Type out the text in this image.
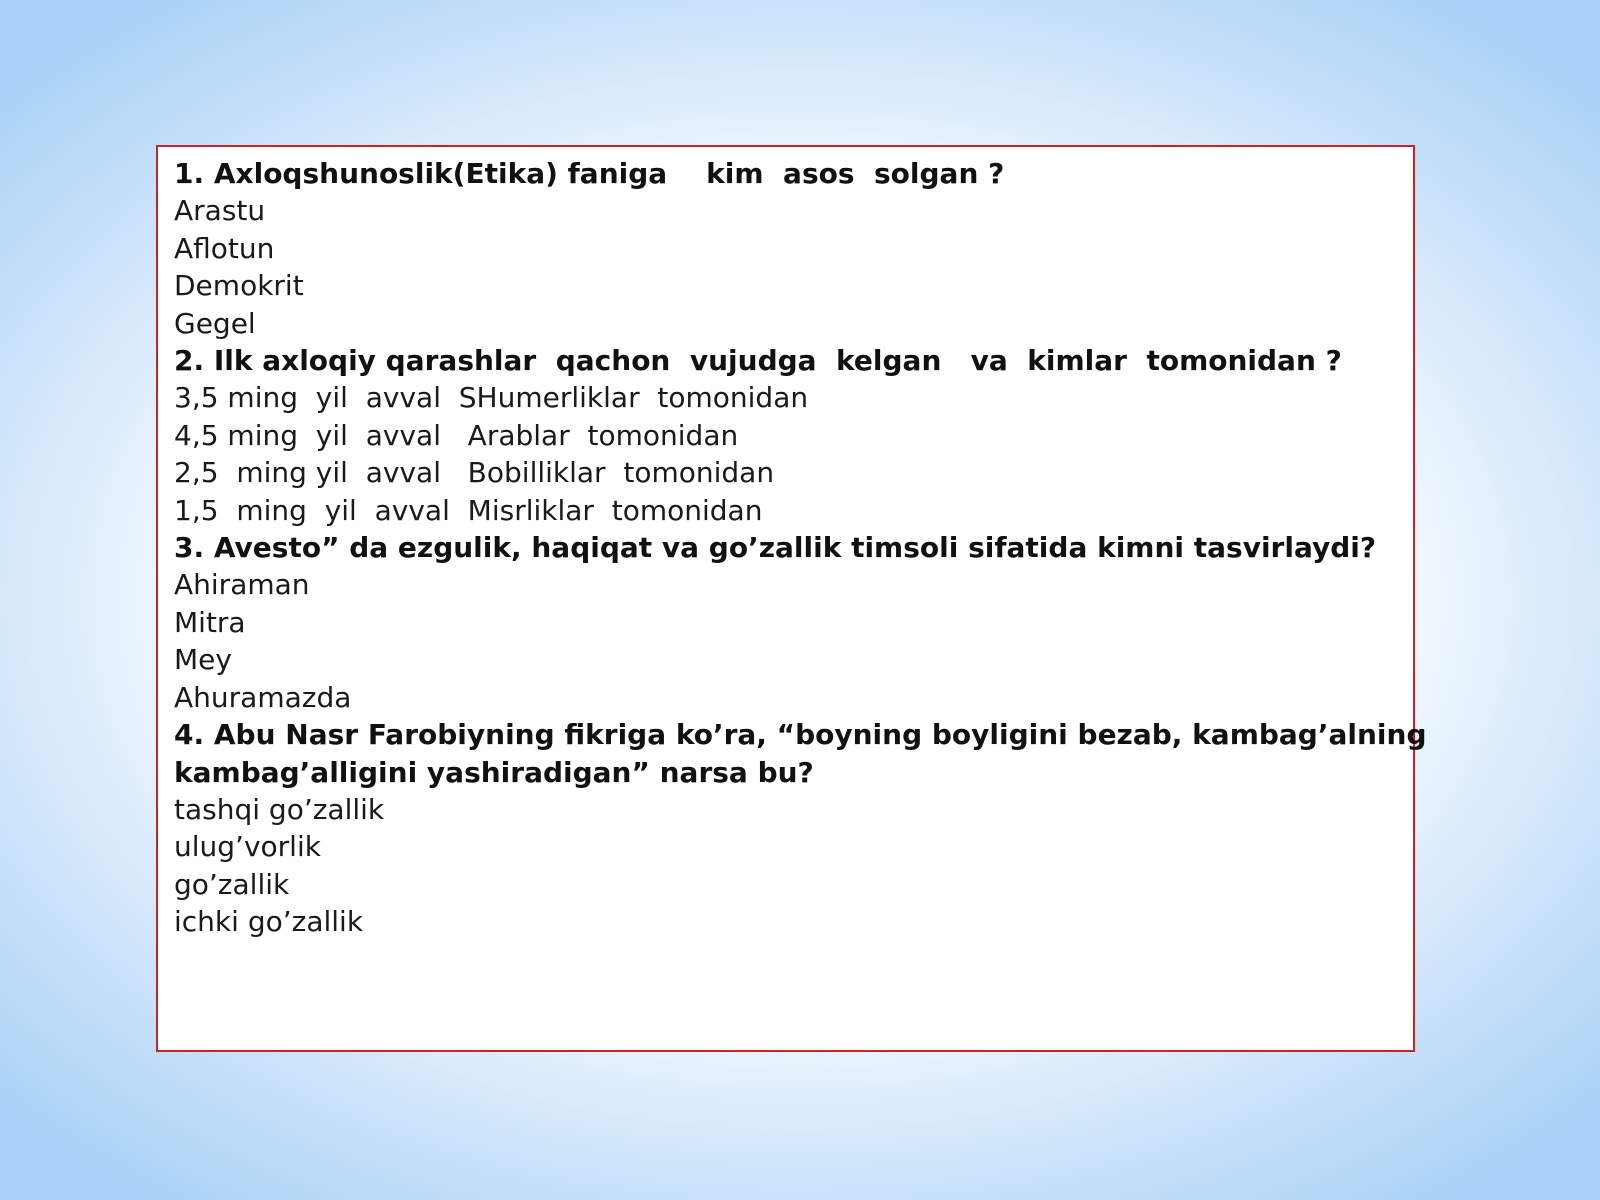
1. Axloqshunoslik(Etika) faniga    kim  asos  solgan ?

Arastu

Aflotun

Demokrit

Gegel

2. Ilk axloqiy qarashlar  qachon  vujudga  kelgan   va  kimlar  tomonidan ?

3,5 ming  yil  avval  SHumerliklar  tomonidan

4,5 ming  yil  avval   Arablar  tomonidan

2,5  ming yil  avval   Bobilliklar  tomonidan

1,5  ming  yil  avval  Misrliklar  tomonidan

3. Avesto” da ezgulik, haqiqat va go’zallik timsoli sifatida kimni tasvirlaydi?

Ahiraman

Mitra

Mey

Ahuramazda

4. Abu Nasr Farobiyning fikriga ko’ra, “boyning boyligini bezab, kambag’alning

kambag’alligini yashiradigan” narsa bu?

tashqi go’zallik

ulug’vorlik

go’zallik

ichki go’zallik
